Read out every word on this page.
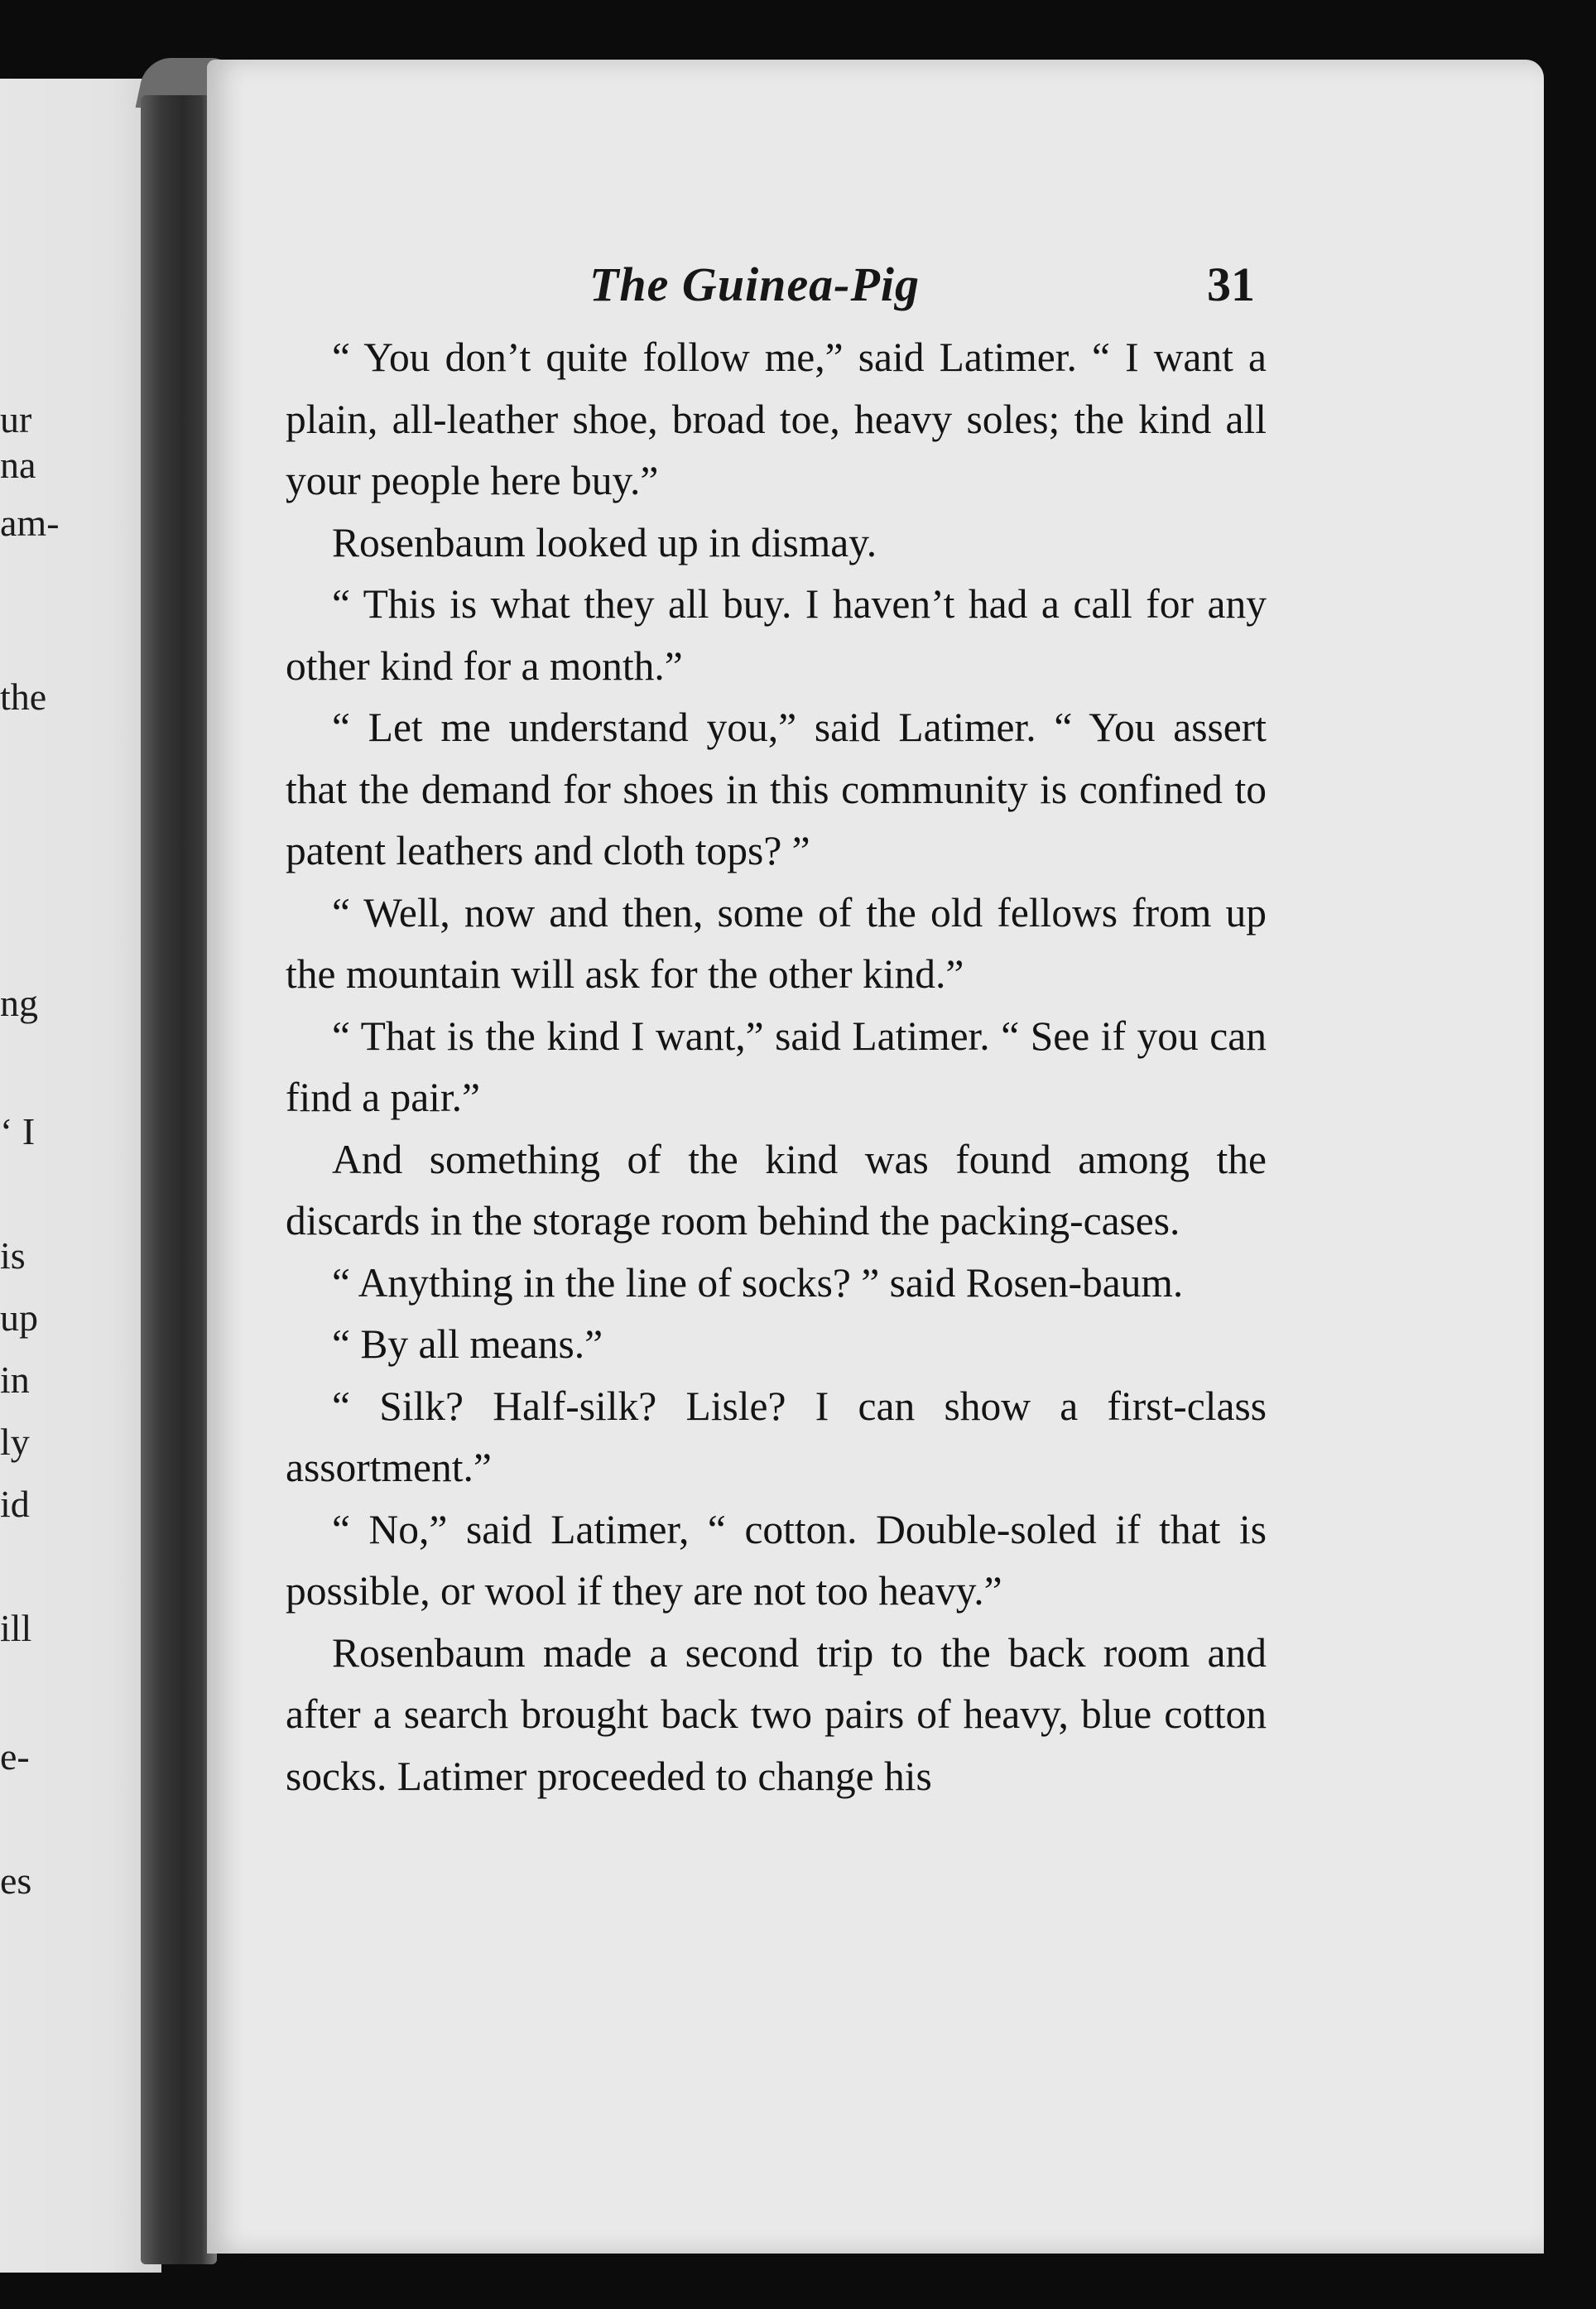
ur
na
am-
the
ng
‘ I
is
up
in
ly
id
ill
e-
es
The Guinea-Pig	31

“ You don’t quite follow me,” said Latimer. “ I want a plain, all-leather shoe, broad toe, heavy soles; the kind all your people here buy.”

Rosenbaum looked up in dismay.

“ This is what they all buy. I haven’t had a call for any other kind for a month.”

“ Let me understand you,” said Latimer. “ You assert that the demand for shoes in this community is confined to patent leathers and cloth tops? ”

“ Well, now and then, some of the old fellows from up the mountain will ask for the other kind.”

“ That is the kind I want,” said Latimer. “ See if you can find a pair.”

And something of the kind was found among the discards in the storage room behind the packing-cases.

“ Anything in the line of socks? ” said Rosen-baum.

“ By all means.”

“ Silk? Half-silk? Lisle? I can show a first-class assortment.”

“ No,” said Latimer, “ cotton. Double-soled if that is possible, or wool if they are not too heavy.”

Rosenbaum made a second trip to the back room and after a search brought back two pairs of heavy, blue cotton socks. Latimer proceeded to change his
